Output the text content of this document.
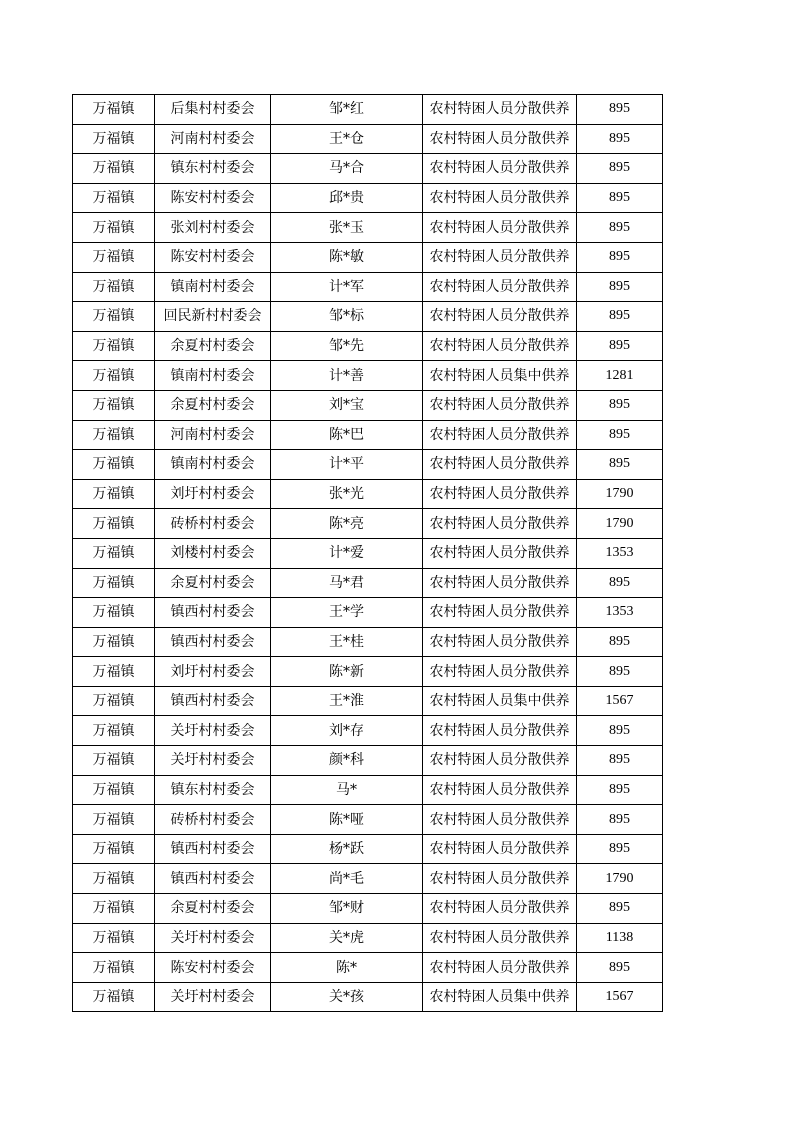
万福镇	后集村村委会	邹*红	农村特困人员分散供养	895
万福镇	河南村村委会	王*仓	农村特困人员分散供养	895
万福镇	镇东村村委会	马*合	农村特困人员分散供养	895
万福镇	陈安村村委会	邱*贵	农村特困人员分散供养	895
万福镇	张刘村村委会	张*玉	农村特困人员分散供养	895
万福镇	陈安村村委会	陈*敏	农村特困人员分散供养	895
万福镇	镇南村村委会	计*军	农村特困人员分散供养	895
万福镇	回民新村村委会	邹*标	农村特困人员分散供养	895
万福镇	余夏村村委会	邹*先	农村特困人员分散供养	895
万福镇	镇南村村委会	计*善	农村特困人员集中供养	1281
万福镇	余夏村村委会	刘*宝	农村特困人员分散供养	895
万福镇	河南村村委会	陈*巴	农村特困人员分散供养	895
万福镇	镇南村村委会	计*平	农村特困人员分散供养	895
万福镇	刘圩村村委会	张*光	农村特困人员分散供养	1790
万福镇	砖桥村村委会	陈*亮	农村特困人员分散供养	1790
万福镇	刘楼村村委会	计*爱	农村特困人员分散供养	1353
万福镇	余夏村村委会	马*君	农村特困人员分散供养	895
万福镇	镇西村村委会	王*学	农村特困人员分散供养	1353
万福镇	镇西村村委会	王*桂	农村特困人员分散供养	895
万福镇	刘圩村村委会	陈*新	农村特困人员分散供养	895
万福镇	镇西村村委会	王*淮	农村特困人员集中供养	1567
万福镇	关圩村村委会	刘*存	农村特困人员分散供养	895
万福镇	关圩村村委会	颜*科	农村特困人员分散供养	895
万福镇	镇东村村委会	马*	农村特困人员分散供养	895
万福镇	砖桥村村委会	陈*哑	农村特困人员分散供养	895
万福镇	镇西村村委会	杨*跃	农村特困人员分散供养	895
万福镇	镇西村村委会	尚*毛	农村特困人员分散供养	1790
万福镇	余夏村村委会	邹*财	农村特困人员分散供养	895
万福镇	关圩村村委会	关*虎	农村特困人员分散供养	1138
万福镇	陈安村村委会	陈*	农村特困人员分散供养	895
万福镇	关圩村村委会	关*孩	农村特困人员集中供养	1567
